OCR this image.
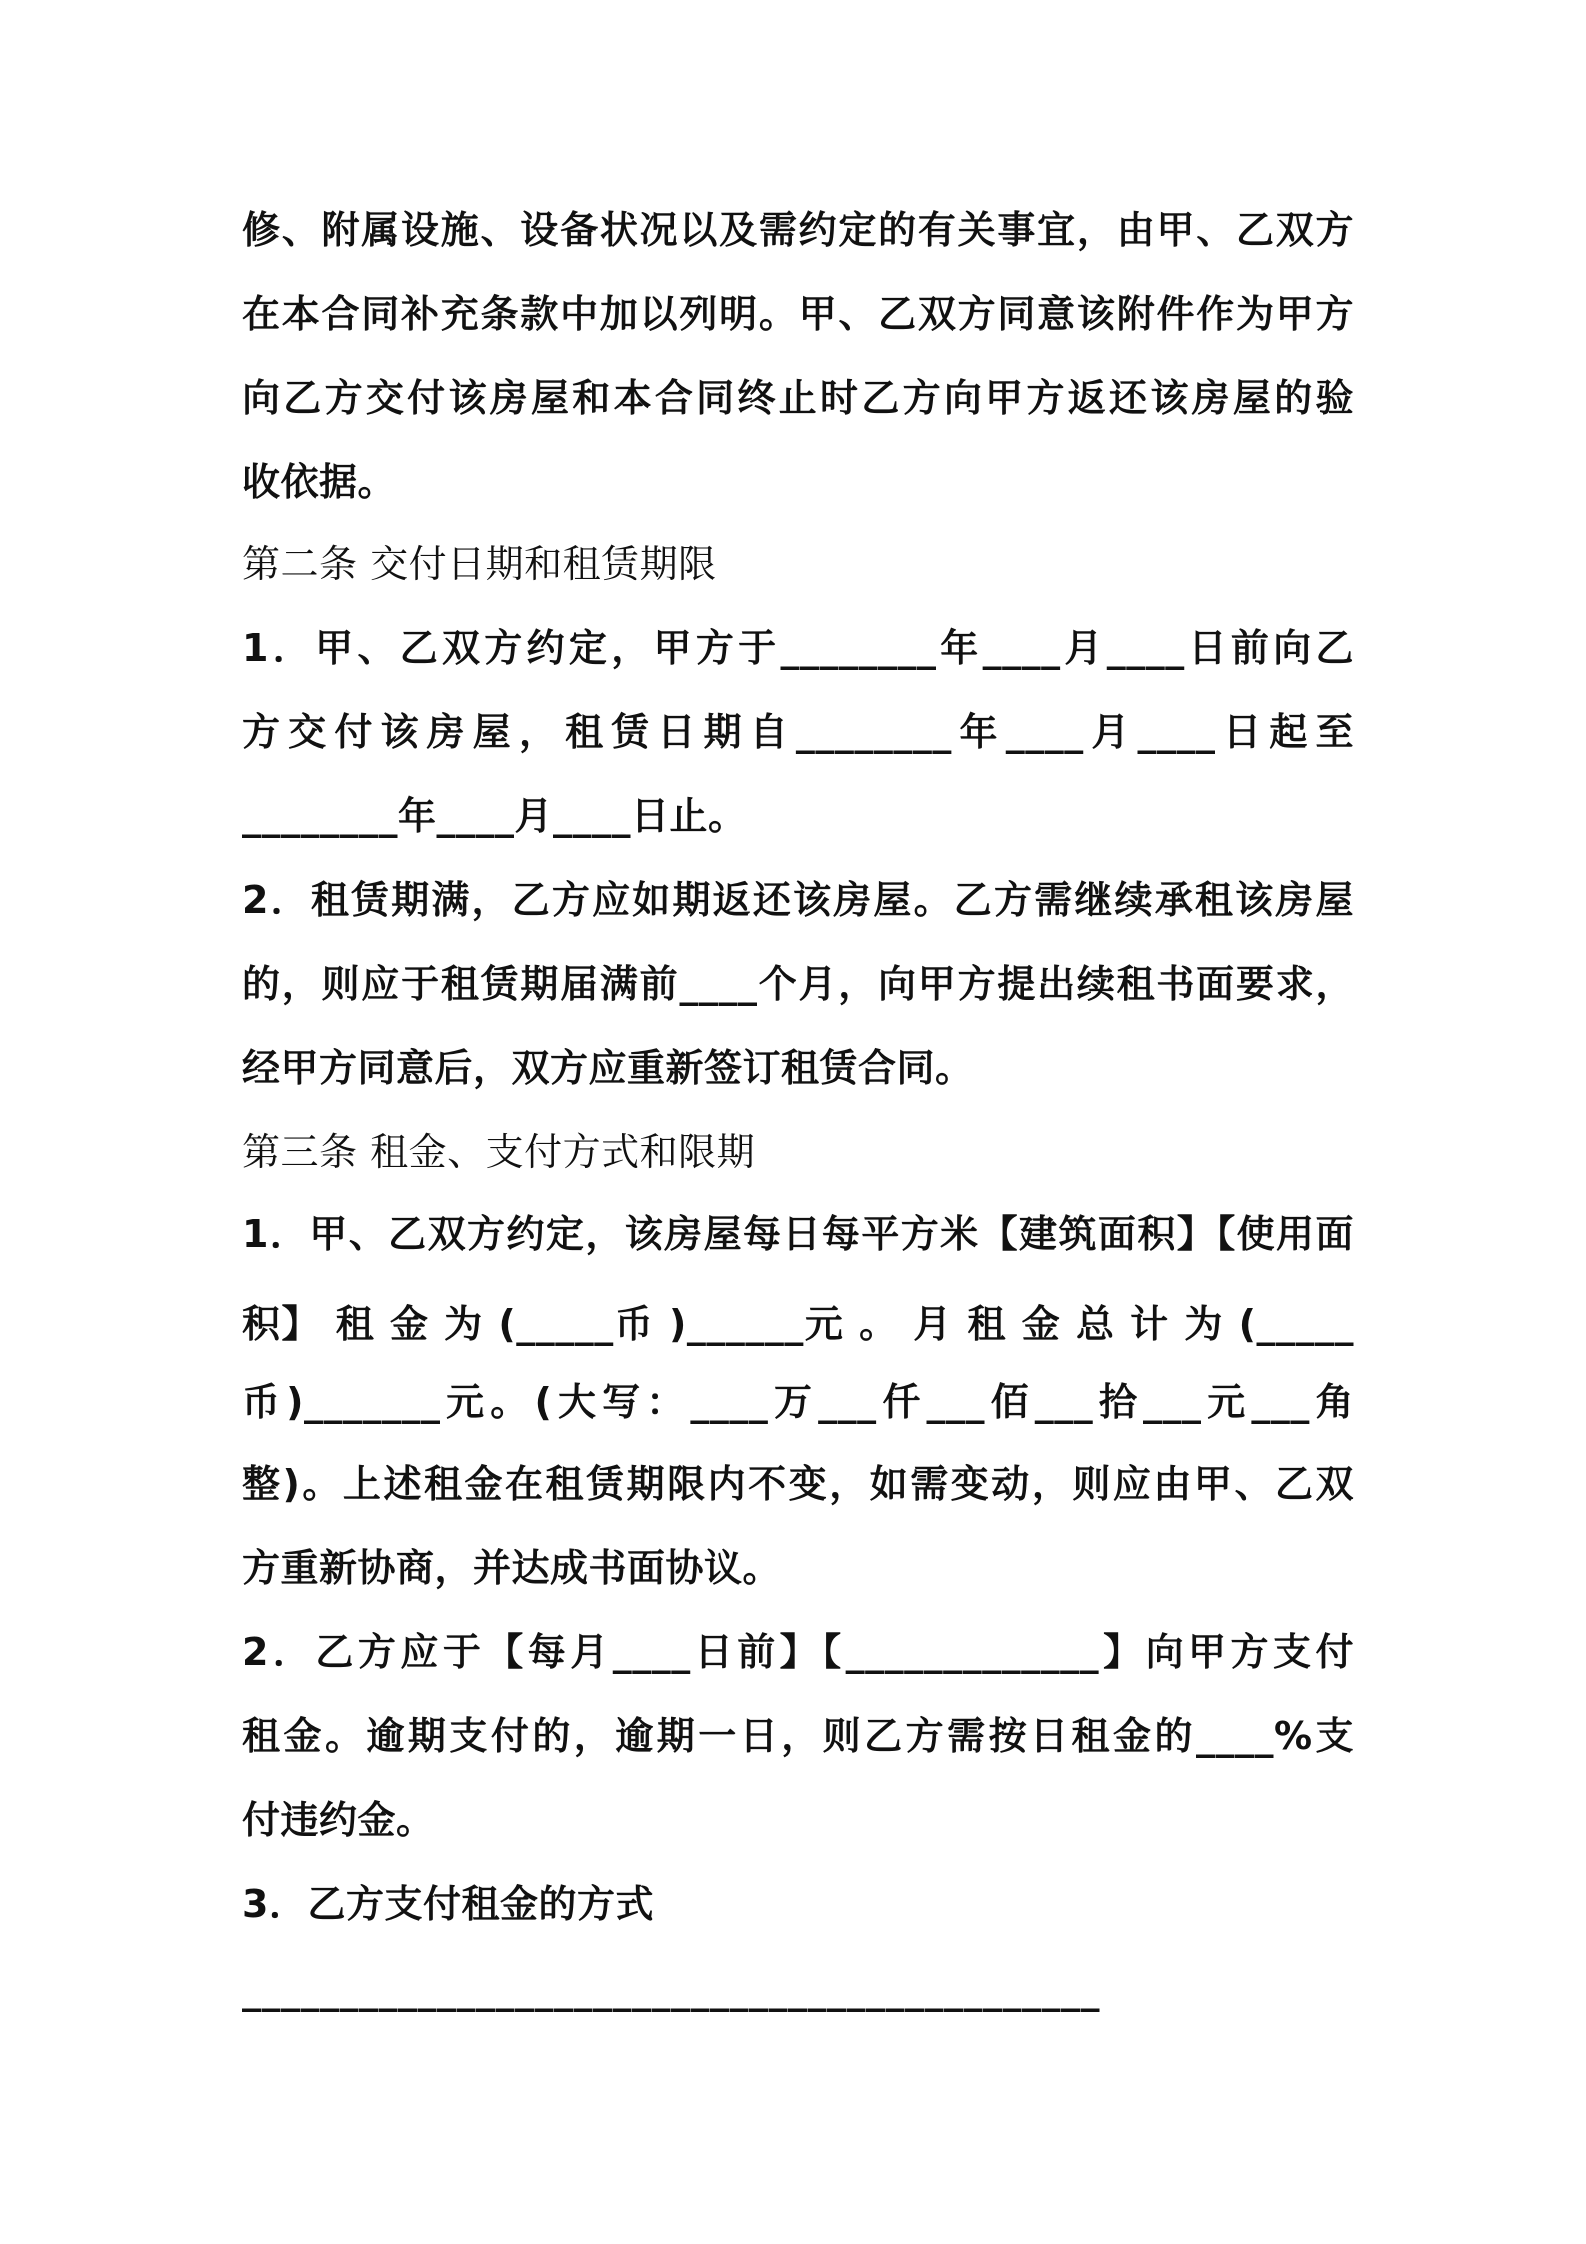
修、附属设施、设备状况以及需约定的有关事宜，由甲、乙双方
在本合同补充条款中加以列明。甲、乙双方同意该附件作为甲方
向乙方交付该房屋和本合同终止时乙方向甲方返还该房屋的验
收依据。
第二条 交付日期和租赁期限
1．甲、乙双方约定，甲方于________年____月____日前向乙
方交付该房屋，租赁日期自________年____月____日起至
________年____月____日止。
2．租赁期满，乙方应如期返还该房屋。乙方需继续承租该房屋
的，则应于租赁期届满前____个月，向甲方提出续租书面要求，
经甲方同意后，双方应重新签订租赁合同。
第三条 租金、支付方式和限期
1．甲、乙双方约定，该房屋每日每平方米【建筑面积】【使用面
积】 租 金 为 (_____币 )______元 。 月 租 金 总 计 为 (_____
币)_______元。(大写：____万___仟___佰___拾___元___角
整)。上述租金在租赁期限内不变，如需变动，则应由甲、乙双
方重新协商，并达成书面协议。
2．乙方应于【每月____日前】【_____________】向甲方支付
租金。逾期支付的，逾期一日，则乙方需按日租金的____%支
付违约金。
3．乙方支付租金的方式
____________________________________________
